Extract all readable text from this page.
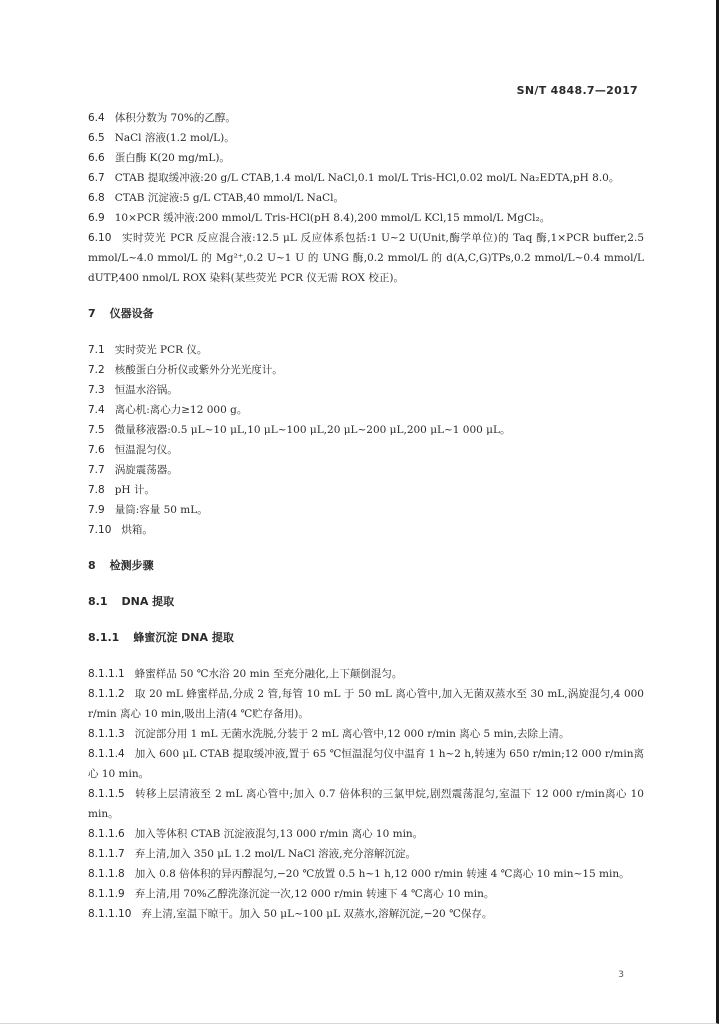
SN/T 4848.7—2017
6.4 体积分数为 70%的乙醇。
6.5 NaCl 溶液(1.2 mol/L)。
6.6 蛋白酶 K(20 mg/mL)。
6.7 CTAB 提取缓冲液:20 g/L CTAB,1.4 mol/L NaCl,0.1 mol/L Tris-HCl,0.02 mol/L Na₂EDTA,pH 8.0。
6.8 CTAB 沉淀液:5 g/L CTAB,40 mmol/L NaCl。
6.9 10×PCR 缓冲液:200 mmol/L Tris-HCl(pH 8.4),200 mmol/L KCl,15 mmol/L MgCl₂。
6.10 实时荧光 PCR 反应混合液:12.5 μL 反应体系包括:1 U~2 U(Unit,酶学单位)的 Taq 酶,1×PCR buffer,2.5 mmol/L~4.0 mmol/L 的 Mg²⁺,0.2 U~1 U 的 UNG 酶,0.2 mmol/L 的 d(A,C,G)TPs,0.2 mmol/L~0.4 mmol/L dUTP,400 nmol/L ROX 染料(某些荧光 PCR 仪无需 ROX 校正)。
7 仪器设备
7.1 实时荧光 PCR 仪。
7.2 核酸蛋白分析仪或紫外分光光度计。
7.3 恒温水浴锅。
7.4 离心机:离心力≥12 000 g。
7.5 微量移液器:0.5 μL~10 μL,10 μL~100 μL,20 μL~200 μL,200 μL~1 000 μL。
7.6 恒温混匀仪。
7.7 涡旋震荡器。
7.8 pH 计。
7.9 量筒:容量 50 mL。
7.10 烘箱。
8 检测步骤
8.1 DNA 提取
8.1.1 蜂蜜沉淀 DNA 提取
8.1.1.1 蜂蜜样品 50 ℃水浴 20 min 至充分融化,上下颠倒混匀。
8.1.1.2 取 20 mL 蜂蜜样品,分成 2 管,每管 10 mL 于 50 mL 离心管中,加入无菌双蒸水至 30 mL,涡旋混匀,4 000 r/min 离心 10 min,吸出上清(4 ℃贮存备用)。
8.1.1.3 沉淀部分用 1 mL 无菌水洗脱,分装于 2 mL 离心管中,12 000 r/min 离心 5 min,去除上清。
8.1.1.4 加入 600 μL CTAB 提取缓冲液,置于 65 ℃恒温混匀仪中温育 1 h~2 h,转速为 650 r/min;12 000 r/min离心 10 min。
8.1.1.5 转移上层清液至 2 mL 离心管中;加入 0.7 倍体积的三氯甲烷,剧烈震荡混匀,室温下 12 000 r/min离心 10 min。
8.1.1.6 加入等体积 CTAB 沉淀液混匀,13 000 r/min 离心 10 min。
8.1.1.7 弃上清,加入 350 μL 1.2 mol/L NaCl 溶液,充分溶解沉淀。
8.1.1.8 加入 0.8 倍体积的异丙醇混匀,−20 ℃放置 0.5 h~1 h,12 000 r/min 转速 4 ℃离心 10 min~15 min。
8.1.1.9 弃上清,用 70%乙醇洗涤沉淀一次,12 000 r/min 转速下 4 ℃离心 10 min。
8.1.1.10 弃上清,室温下晾干。加入 50 μL~100 μL 双蒸水,溶解沉淀,−20 ℃保存。
3
